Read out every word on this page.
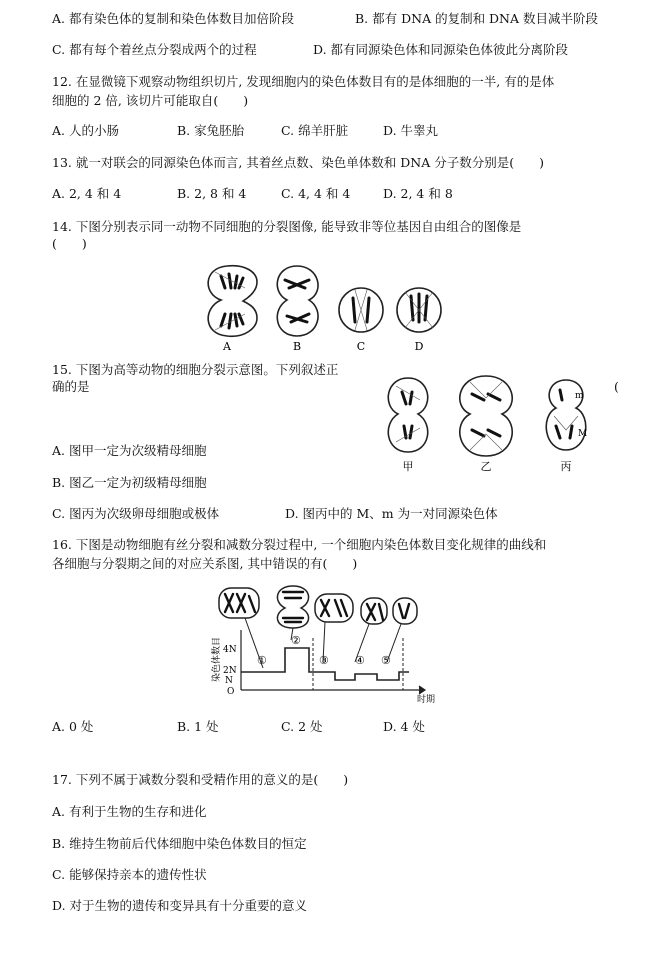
A. 都有染色体的复制和染色体数目加倍阶段	B. 都有 DNA 的复制和 DNA 数目减半阶段
C. 都有每个着丝点分裂成两个的过程	D. 都有同源染色体和同源染色体彼此分离阶段
12. 在显微镜下观察动物组织切片, 发现细胞内的染色体数目有的是体细胞的一半, 有的是体
细胞的 2 倍, 该切片可能取自(　　)
A. 人的小肠	B. 家兔胚胎	C. 绵羊肝脏	D. 牛睾丸
13. 就一对联会的同源染色体而言, 其着丝点数、染色单体数和 DNA 分子数分别是(　　)
A. 2, 4 和 4	B. 2, 8 和 4	C. 4, 4 和 4	D. 2, 4 和 8
14. 下图分别表示同一动物不同细胞的分裂图像, 能导致非等位基因自由组合的图像是
(　　)
A	B	C	D
15. 下图为高等动物的细胞分裂示意图。下列叙述正
确的是	(
M
m
甲	乙	丙
A. 图甲一定为次级精母细胞
B. 图乙一定为初级精母细胞
C. 图丙为次级卵母细胞或极体	D. 图丙中的 M、m 为一对同源染色体
16. 下图是动物细胞有丝分裂和减数分裂过程中, 一个细胞内染色体数目变化规律的曲线和
各细胞与分裂期之间的对应关系图, 其中错误的有(　　)
染色体数目 4N
2N
N
O
①
②
③ ④ ⑤
时期
A. 0 处	B. 1 处	C. 2 处	D. 4 处
17. 下列不属于减数分裂和受精作用的意义的是(　　)
A. 有利于生物的生存和进化
B. 维持生物前后代体细胞中染色体数目的恒定
C. 能够保持亲本的遗传性状
D. 对于生物的遗传和变异具有十分重要的意义
